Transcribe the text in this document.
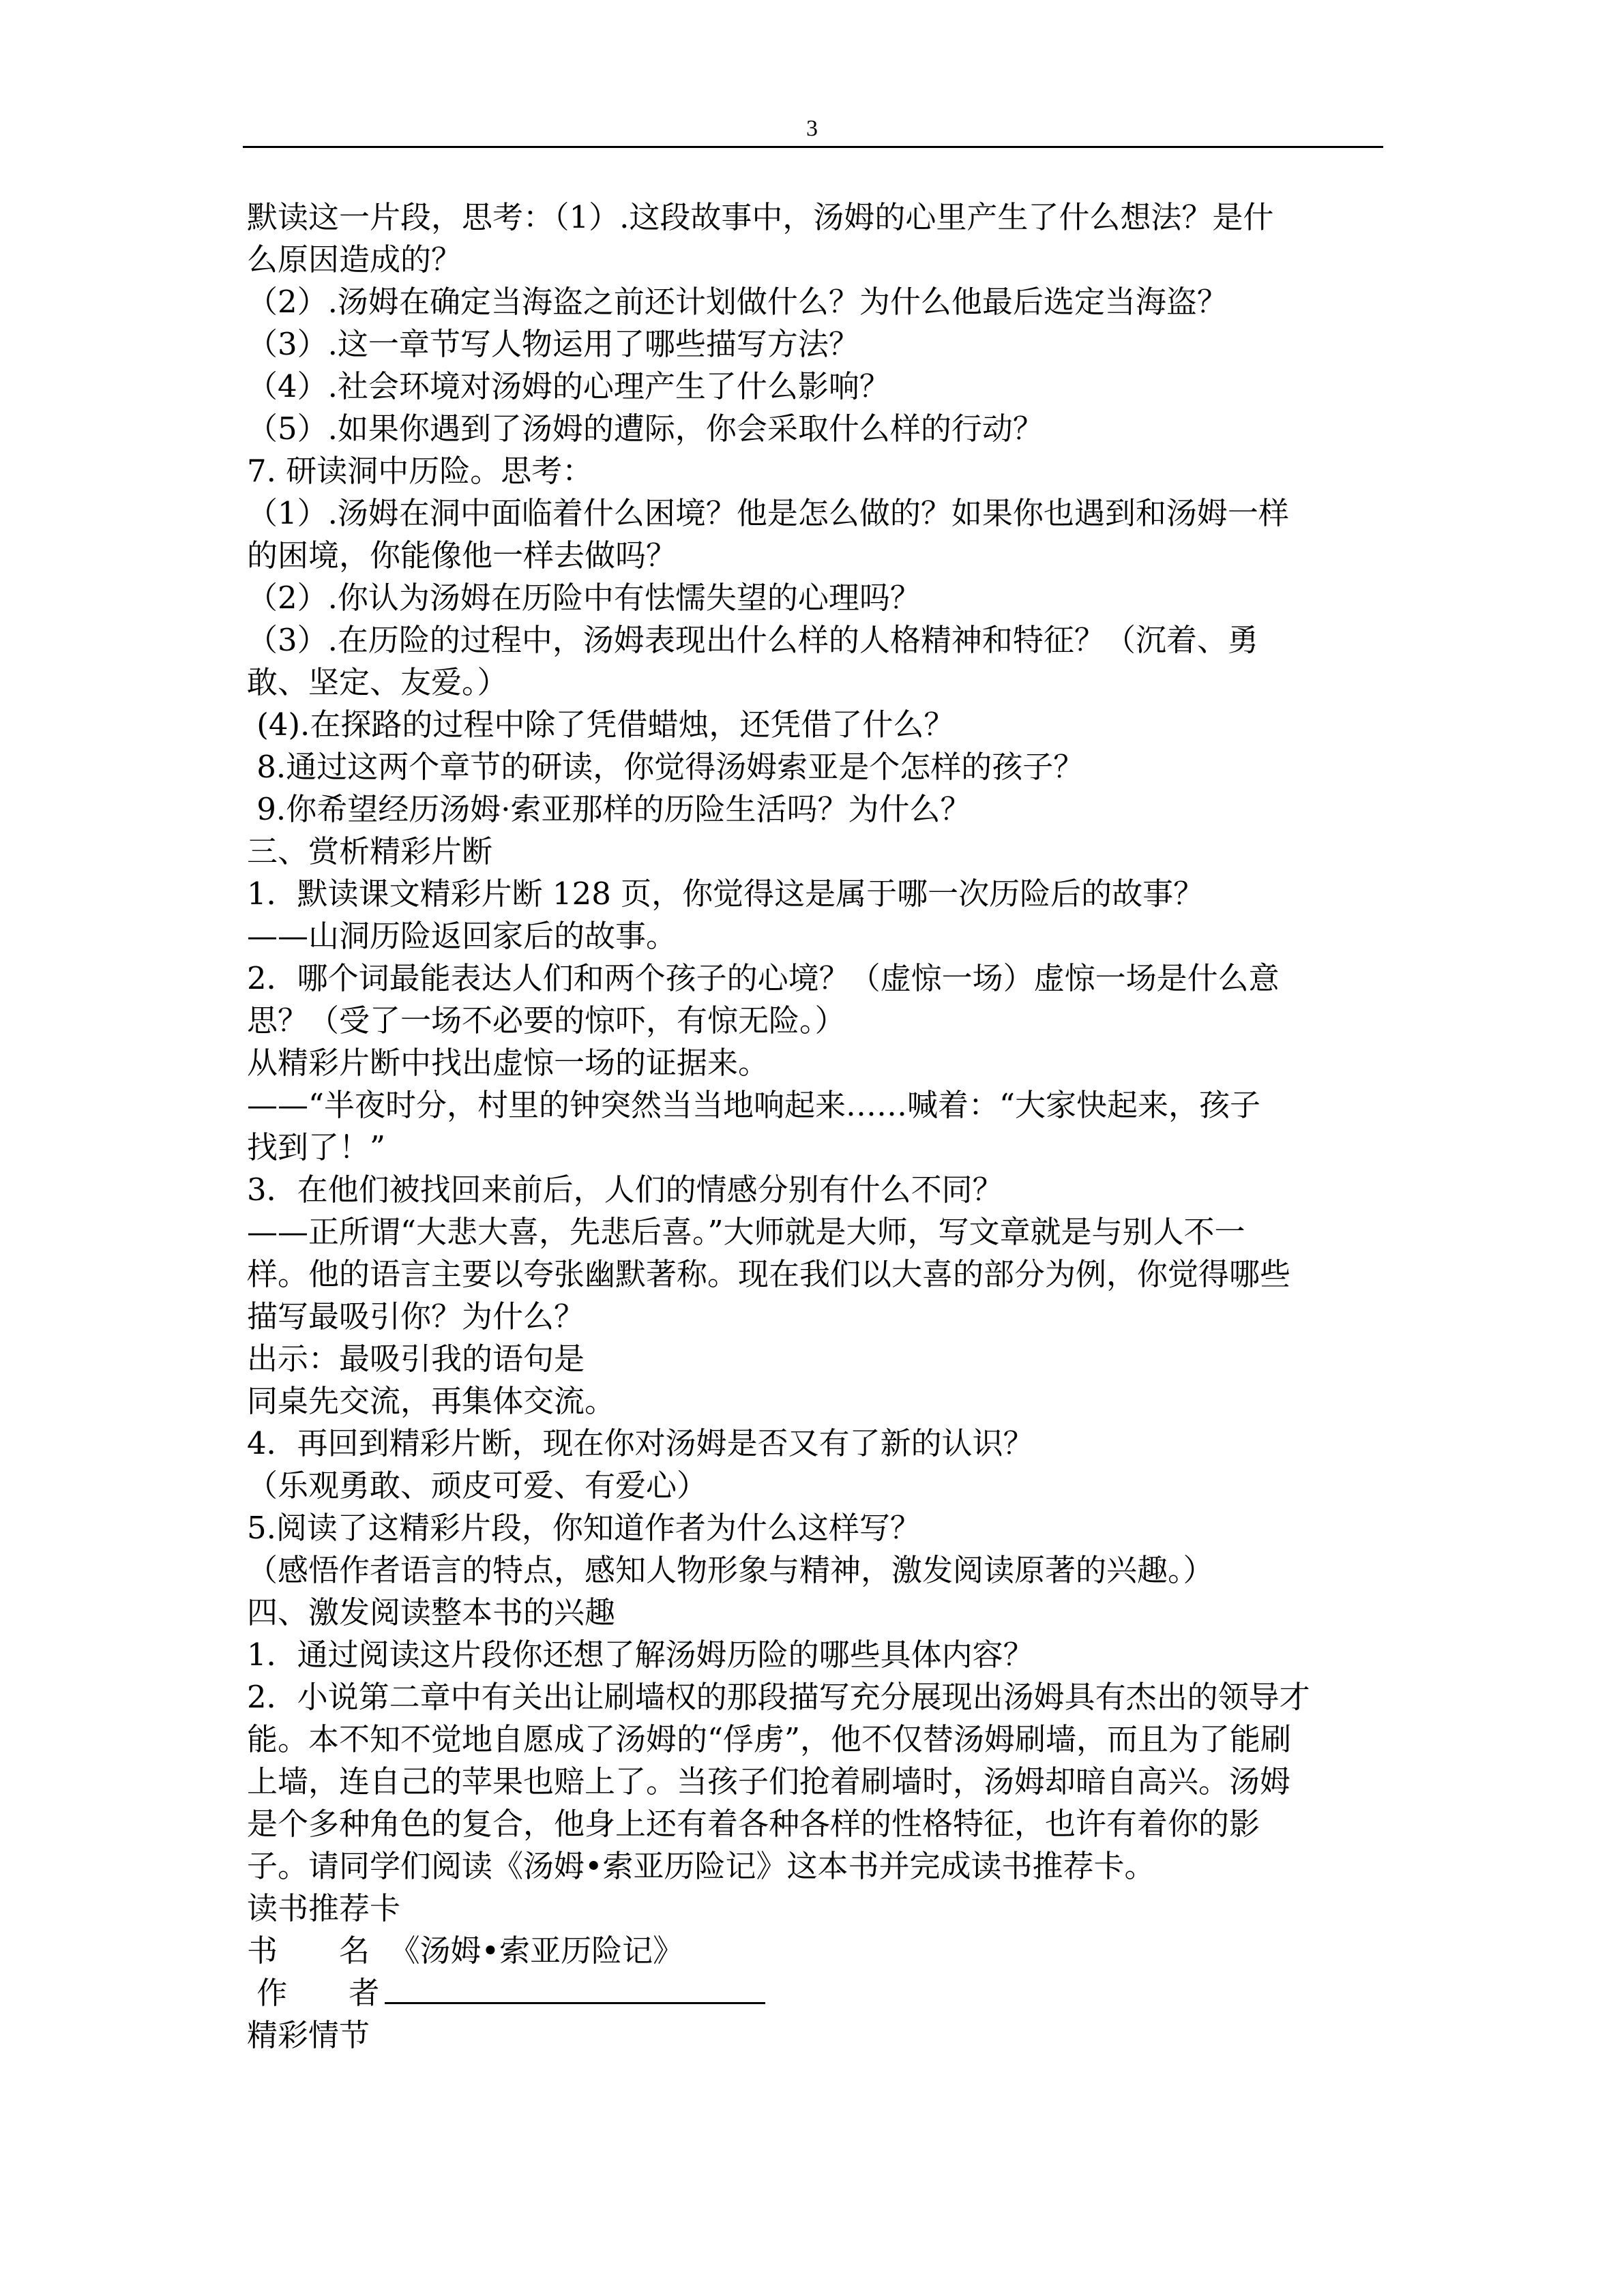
3
默读这一片段，思考：（1）.这段故事中，汤姆的心里产生了什么想法？是什
么原因造成的？
（2）.汤姆在确定当海盗之前还计划做什么？为什么他最后选定当海盗？
（3）.这一章节写人物运用了哪些描写方法？
（4）.社会环境对汤姆的心理产生了什么影响？
（5）.如果你遇到了汤姆的遭际，你会采取什么样的行动？
7. 研读洞中历险。思考：
（1）.汤姆在洞中面临着什么困境？他是怎么做的？如果你也遇到和汤姆一样
的困境，你能像他一样去做吗？
（2）.你认为汤姆在历险中有怯懦失望的心理吗？
（3）.在历险的过程中，汤姆表现出什么样的人格精神和特征？（沉着、勇
敢、坚定、友爱。）
(4).在探路的过程中除了凭借蜡烛，还凭借了什么？
8.通过这两个章节的研读，你觉得汤姆索亚是个怎样的孩子？
9.你希望经历汤姆·索亚那样的历险生活吗？为什么？
三、赏析精彩片断
1．默读课文精彩片断 128 页，你觉得这是属于哪一次历险后的故事？
——山洞历险返回家后的故事。
2．哪个词最能表达人们和两个孩子的心境？（虚惊一场）虚惊一场是什么意
思？（受了一场不必要的惊吓，有惊无险。）
从精彩片断中找出虚惊一场的证据来。
——“半夜时分，村里的钟突然当当地响起来……喊着：“大家快起来，孩子
找到了！”
3．在他们被找回来前后，人们的情感分别有什么不同？
——正所谓“大悲大喜，先悲后喜。”大师就是大师，写文章就是与别人不一
样。他的语言主要以夸张幽默著称。现在我们以大喜的部分为例，你觉得哪些
描写最吸引你？为什么？
出示：最吸引我的语句是
同桌先交流，再集体交流。
4．再回到精彩片断，现在你对汤姆是否又有了新的认识？
（乐观勇敢、顽皮可爱、有爱心）
5.阅读了这精彩片段，你知道作者为什么这样写？
（感悟作者语言的特点，感知人物形象与精神，激发阅读原著的兴趣。）
四、激发阅读整本书的兴趣
1．通过阅读这片段你还想了解汤姆历险的哪些具体内容？
2．小说第二章中有关出让刷墙权的那段描写充分展现出汤姆具有杰出的领导才
能。本不知不觉地自愿成了汤姆的“俘虏”，他不仅替汤姆刷墙，而且为了能刷
上墙，连自己的苹果也赔上了。当孩子们抢着刷墙时，汤姆却暗自高兴。汤姆
是个多种角色的复合，他身上还有着各种各样的性格特征，也许有着你的影
子。请同学们阅读《汤姆•索亚历险记》这本书并完成读书推荐卡。
读书推荐卡
书　　名 《汤姆•索亚历险记》
作　　者
精彩情节
